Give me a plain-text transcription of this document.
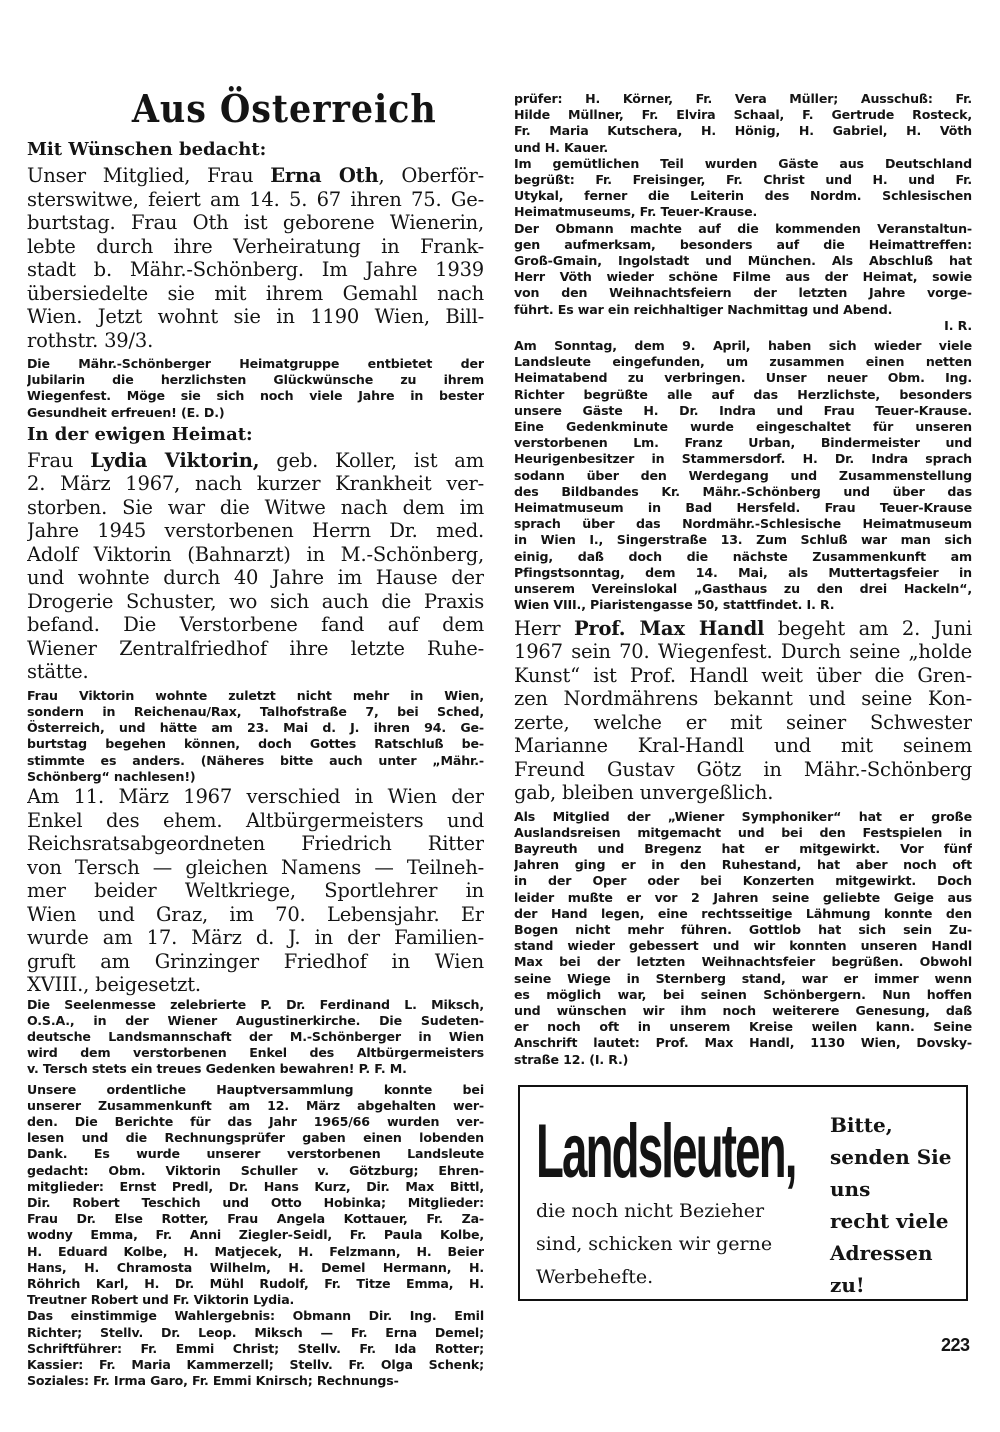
Aus Österreich
Mit Wünschen bedacht:
Unser Mitglied, Frau Erna Oth, Oberför-
sterswitwe, feiert am 14. 5. 67 ihren 75. Ge-
burtstag. Frau Oth ist geborene Wienerin,
lebte durch ihre Verheiratung in Frank-
stadt b. Mähr.-Schönberg. Im Jahre 1939
übersiedelte sie mit ihrem Gemahl nach
Wien. Jetzt wohnt sie in 1190 Wien, Bill-
rothstr. 39/3.
Die Mähr.-Schönberger Heimatgruppe entbietet der
Jubilarin die herzlichsten Glückwünsche zu ihrem
Wiegenfest. Möge sie sich noch viele Jahre in bester
Gesundheit erfreuen! (E. D.)
In der ewigen Heimat:
Frau Lydia Viktorin, geb. Koller, ist am
2. März 1967, nach kurzer Krankheit ver-
storben. Sie war die Witwe nach dem im
Jahre 1945 verstorbenen Herrn Dr. med.
Adolf Viktorin (Bahnarzt) in M.-Schönberg,
und wohnte durch 40 Jahre im Hause der
Drogerie Schuster, wo sich auch die Praxis
befand. Die Verstorbene fand auf dem
Wiener Zentralfriedhof ihre letzte Ruhe-
stätte.
Frau Viktorin wohnte zuletzt nicht mehr in Wien,
sondern in Reichenau/Rax, Talhofstraße 7, bei Sched,
Österreich, und hätte am 23. Mai d. J. ihren 94. Ge-
burtstag begehen können, doch Gottes Ratschluß be-
stimmte es anders. (Näheres bitte auch unter „Mähr.-
Schönberg“ nachlesen!)
Am 11. März 1967 verschied in Wien der
Enkel des ehem. Altbürgermeisters und
Reichsratsabgeordneten Friedrich Ritter
von Tersch — gleichen Namens — Teilneh-
mer beider Weltkriege, Sportlehrer in
Wien und Graz, im 70. Lebensjahr. Er
wurde am 17. März d. J. in der Familien-
gruft am Grinzinger Friedhof in Wien
XVIII., beigesetzt.
Die Seelenmesse zelebrierte P. Dr. Ferdinand L. Miksch,
O.S.A., in der Wiener Augustinerkirche. Die Sudeten-
deutsche Landsmannschaft der M.-Schönberger in Wien
wird dem verstorbenen Enkel des Altbürgermeisters
v. Tersch stets ein treues Gedenken bewahren! P. F. M.
Unsere ordentliche Hauptversammlung konnte bei
unserer Zusammenkunft am 12. März abgehalten wer-
den. Die Berichte für das Jahr 1965/66 wurden ver-
lesen und die Rechnungsprüfer gaben einen lobenden
Dank. Es wurde unserer verstorbenen Landsleute
gedacht: Obm. Viktorin Schuller v. Götzburg; Ehren-
mitglieder: Ernst Predl, Dr. Hans Kurz, Dir. Max Bittl,
Dir. Robert Teschich und Otto Hobinka; Mitglieder:
Frau Dr. Else Rotter, Frau Angela Kottauer, Fr. Za-
wodny Emma, Fr. Anni Ziegler-Seidl, Fr. Paula Kolbe,
H. Eduard Kolbe, H. Matjecek, H. Felzmann, H. Beier
Hans, H. Chramosta Wilhelm, H. Demel Hermann, H.
Röhrich Karl, H. Dr. Mühl Rudolf, Fr. Titze Emma, H.
Treutner Robert und Fr. Viktorin Lydia.
Das einstimmige Wahlergebnis: Obmann Dir. Ing. Emil
Richter; Stellv. Dr. Leop. Miksch — Fr. Erna Demel;
Schriftführer: Fr. Emmi Christ; Stellv. Fr. Ida Rotter;
Kassier: Fr. Maria Kammerzell; Stellv. Fr. Olga Schenk;
Soziales: Fr. Irma Garo, Fr. Emmi Knirsch; Rechnungs-
prüfer: H. Körner, Fr. Vera Müller; Ausschuß: Fr.
Hilde Müllner, Fr. Elvira Schaal, F. Gertrude Rosteck,
Fr. Maria Kutschera, H. Hönig, H. Gabriel, H. Vöth
und H. Kauer.
Im gemütlichen Teil wurden Gäste aus Deutschland
begrüßt: Fr. Freisinger, Fr. Christ und H. und Fr.
Utykal, ferner die Leiterin des Nordm. Schlesischen
Heimatmuseums, Fr. Teuer-Krause.
Der Obmann machte auf die kommenden Veranstaltun-
gen aufmerksam, besonders auf die Heimattreffen:
Groß-Gmain, Ingolstadt und München. Als Abschluß hat
Herr Vöth wieder schöne Filme aus der Heimat, sowie
von den Weihnachtsfeiern der letzten Jahre vorge-
führt. Es war ein reichhaltiger Nachmittag und Abend.
I. R.
Am Sonntag, dem 9. April, haben sich wieder viele
Landsleute eingefunden, um zusammen einen netten
Heimatabend zu verbringen. Unser neuer Obm. Ing.
Richter begrüßte alle auf das Herzlichste, besonders
unsere Gäste H. Dr. Indra und Frau Teuer-Krause.
Eine Gedenkminute wurde eingeschaltet für unseren
verstorbenen Lm. Franz Urban, Bindermeister und
Heurigenbesitzer in Stammersdorf. H. Dr. Indra sprach
sodann über den Werdegang und Zusammenstellung
des Bildbandes Kr. Mähr.-Schönberg und über das
Heimatmuseum in Bad Hersfeld. Frau Teuer-Krause
sprach über das Nordmähr.-Schlesische Heimatmuseum
in Wien I., Singerstraße 13. Zum Schluß war man sich
einig, daß doch die nächste Zusammenkunft am
Pfingstsonntag, dem 14. Mai, als Muttertagsfeier in
unserem Vereinslokal „Gasthaus zu den drei Hackeln“,
Wien VIII., Piaristengasse 50, stattfindet. I. R.
Herr Prof. Max Handl begeht am 2. Juni
1967 sein 70. Wiegenfest. Durch seine „holde
Kunst“ ist Prof. Handl weit über die Gren-
zen Nordmährens bekannt und seine Kon-
zerte, welche er mit seiner Schwester
Marianne Kral-Handl und mit seinem
Freund Gustav Götz in Mähr.-Schönberg
gab, bleiben unvergeßlich.
Als Mitglied der „Wiener Symphoniker“ hat er große
Auslandsreisen mitgemacht und bei den Festspielen in
Bayreuth und Bregenz hat er mitgewirkt. Vor fünf
Jahren ging er in den Ruhestand, hat aber noch oft
in der Oper oder bei Konzerten mitgewirkt. Doch
leider mußte er vor 2 Jahren seine geliebte Geige aus
der Hand legen, eine rechtsseitige Lähmung konnte den
Bogen nicht mehr führen. Gottlob hat sich sein Zu-
stand wieder gebessert und wir konnten unseren Handl
Max bei der letzten Weihnachtsfeier begrüßen. Obwohl
seine Wiege in Sternberg stand, war er immer wenn
es möglich war, bei seinen Schönbergern. Nun hoffen
und wünschen wir ihm noch weiterere Genesung, daß
er noch oft in unserem Kreise weilen kann. Seine
Anschrift lautet: Prof. Max Handl, 1130 Wien, Dovsky-
straße 12. (I. R.)
Landsleuten,
die noch nicht Bezieher
sind, schicken wir gerne
Werbehefte.
Bitte,
senden Sie
uns
recht viele
Adressen
zu!
223
